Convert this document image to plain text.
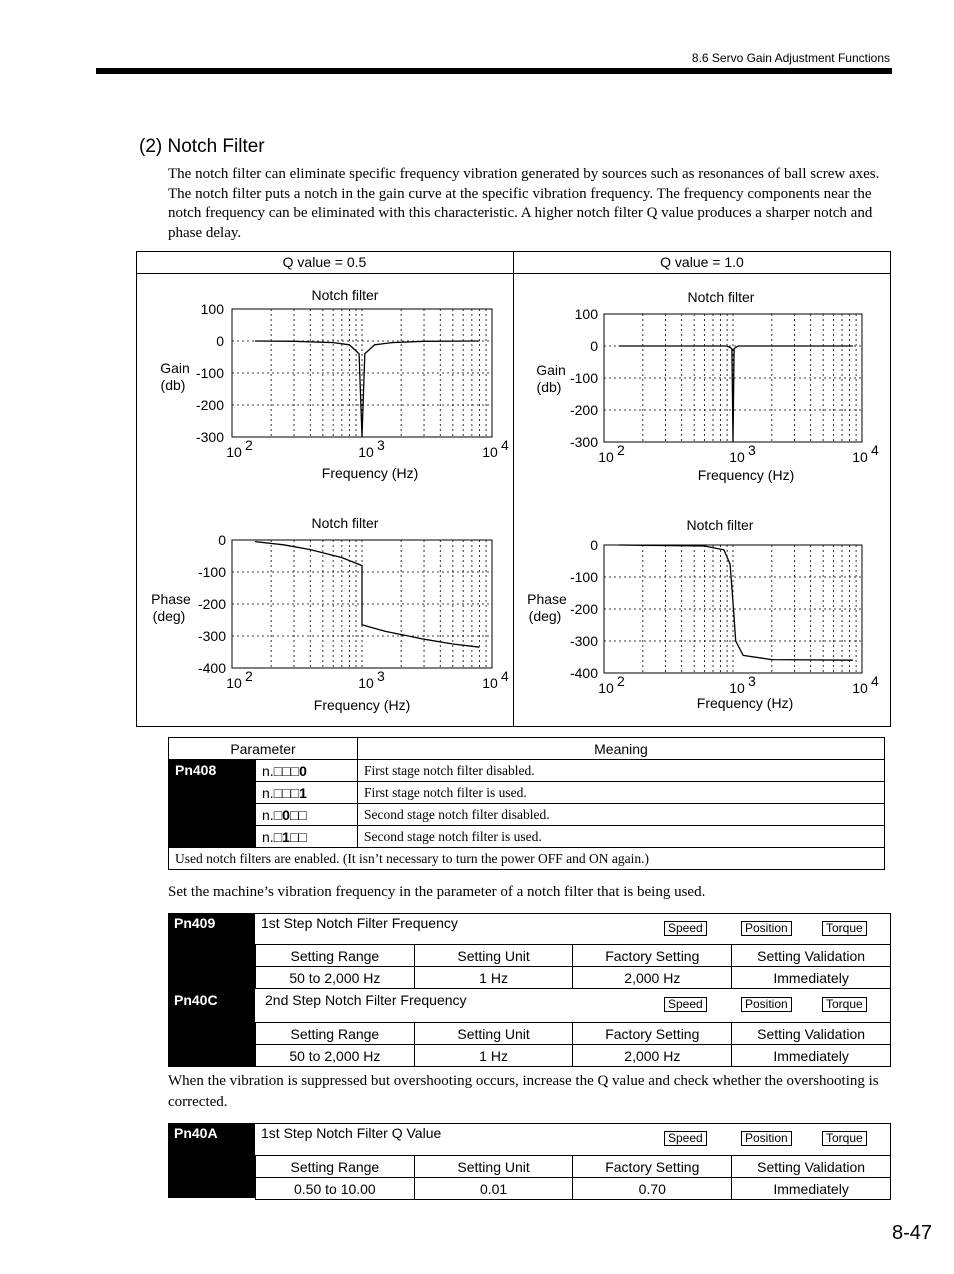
8.6 Servo Gain Adjustment Functions
(2) Notch Filter
The notch filter can eliminate specific frequency vibration generated by sources such as resonances of ball screw axes. The notch filter puts a notch in the gain curve at the specific vibration frequency. The frequency components near the notch frequency can be eliminated with this characteristic. A higher notch filter Q value produces a sharper notch and phase delay.
Q value = 0.5	Q value = 1.0
100
0
-100
-200
-300
10 2	10 3	10 4
Notch filter
Frequency (Hz)
Gain
(db)
100
0
-100
-200
-300
10 2	10 3	10 4
Notch filter
Frequency (Hz)
Gain
(db)
0
-100
-200
-300
-400
10 2	10 3	10 4
Notch filter
Frequency (Hz)
Phase
(deg)
0
-100
-200
-300
-400
10 2	10 3	10 4
Notch filter
Frequency (Hz)
Phase
(deg)
Parameter		Meaning
Pn408	n.□□□0	First stage notch filter disabled.
	n.□□□1	First stage notch filter is used.
	n.□0□□	Second stage notch filter disabled.
	n.□1□□	Second stage notch filter is used.
Used notch filters are enabled. (It isn’t necessary to turn the power OFF and ON again.)		
Set the machine’s vibration frequency in the parameter of a notch filter that is being used.
Pn409	1st Step Notch Filter Frequency	Speed	Position	Torque
Setting Range	Setting Unit	Factory Setting	Setting Validation
50 to 2,000 Hz	1 Hz	2,000 Hz	Immediately
Pn40C	2nd Step Notch Filter Frequency	Speed	Position	Torque
Setting Range	Setting Unit	Factory Setting	Setting Validation
50 to 2,000 Hz	1 Hz	2,000 Hz	Immediately
When the vibration is suppressed but overshooting occurs, increase the Q value and check whether the overshooting is corrected.
Pn40A	1st Step Notch Filter Q Value	Speed	Position	Torque
Setting Range	Setting Unit	Factory Setting	Setting Validation
0.50 to 10.00	0.01	0.70	Immediately
8-47
